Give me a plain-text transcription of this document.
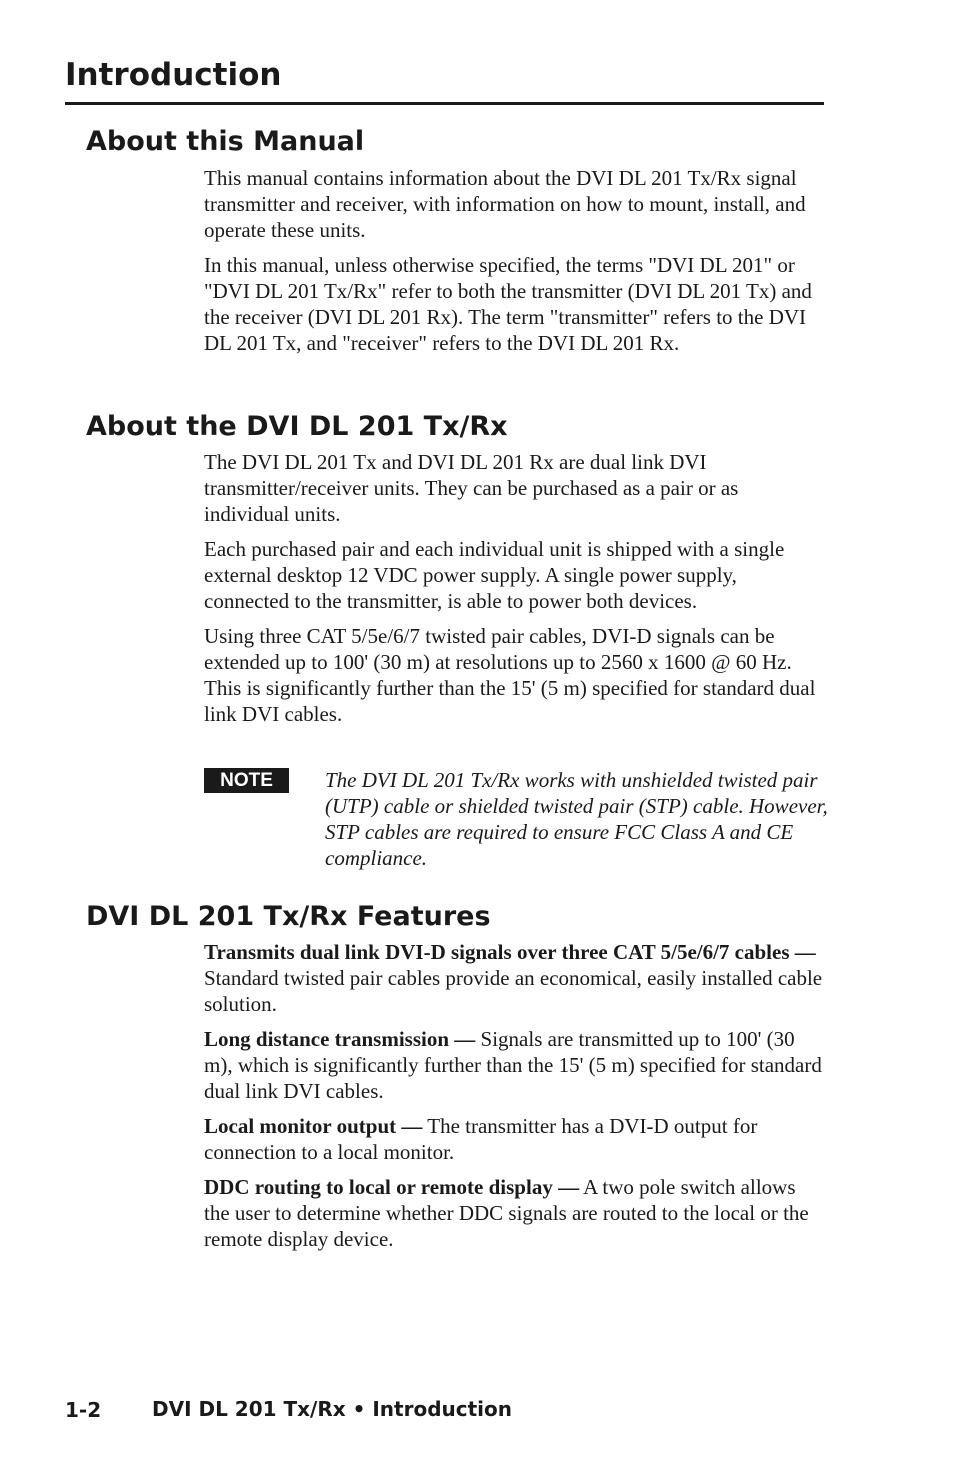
Introduction
About this Manual

This manual contains information about the DVI DL 201 Tx/Rx signal transmitter and receiver, with information on how to mount, install, and operate these units.

In this manual, unless otherwise specified, the terms "DVI DL 201" or "DVI DL 201 Tx/Rx" refer to both the transmitter (DVI DL 201 Tx) and the receiver (DVI DL 201 Rx). The term "transmitter" refers to the DVI DL 201 Tx, and "receiver" refers to the DVI DL 201 Rx.

About the DVI DL 201 Tx/Rx

The DVI DL 201 Tx and DVI DL 201 Rx are dual link DVI transmitter/receiver units. They can be purchased as a pair or as individual units.

Each purchased pair and each individual unit is shipped with a single external desktop 12 VDC power supply. A single power supply, connected to the transmitter, is able to power both devices.

Using three CAT 5/5e/6/7 twisted pair cables, DVI-D signals can be extended up to 100' (30 m) at resolutions up to 2560 x 1600 @ 60 Hz. This is significantly further than the 15' (5 m) specified for standard dual link DVI cables.

NOTE	The DVI DL 201 Tx/Rx works with unshielded twisted pair (UTP) cable or shielded twisted pair (STP) cable. However, STP cables are required to ensure FCC Class A and CE compliance.

DVI DL 201 Tx/Rx Features

Transmits dual link DVI-D signals over three CAT 5/5e/6/7 cables — Standard twisted pair cables provide an economical, easily installed cable solution.

Long distance transmission — Signals are transmitted up to 100' (30 m), which is significantly further than the 15' (5 m) specified for standard dual link DVI cables.

Local monitor output — The transmitter has a DVI-D output for connection to a local monitor.

DDC routing to local or remote display — A two pole switch allows the user to determine whether DDC signals are routed to the local or the remote display device.

1-2	DVI DL 201 Tx/Rx • Introduction
